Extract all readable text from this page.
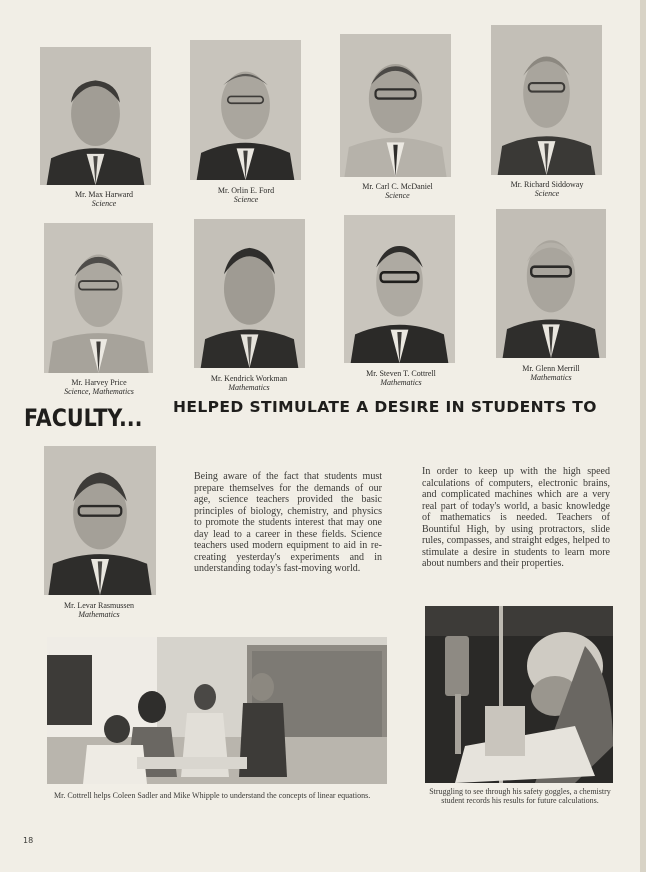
Mr. Max Harward
Science
Mr. Orlin E. Ford
Science
Mr. Carl C. McDaniel
Science
Mr. Richard Siddoway
Science
Mr. Harvey Price
Science, Mathematics
Mr. Kendrick Workman
Mathematics
Mr. Steven T. Cottrell
Mathematics
Mr. Glenn Merrill
Mathematics
FACULTY... HELPED STIMULATE A DESIRE IN STUDENTS TO
Mr. Levar Rasmussen
Mathematics
Being aware of the fact that students must prepare themselves for the demands of our age, science teachers provided the basic principles of biology, chemistry, and physics to promote the students interest that may one day lead to a career in these fields. Science teachers used modern equipment to aid in re-creating yesterday's experiments and in understanding today's fast-moving world.
In order to keep up with the high speed calculations of computers, electronic brains, and complicated machines which are a very real part of today's world, a basic knowledge of mathematics is needed. Teachers of Bountiful High, by using protractors, slide rules, compasses, and straight edges, helped to stimulate a desire in students to learn more about numbers and their properties.
Mr. Cottrell helps Coleen Sadler and Mike Whipple to understand the concepts of linear equations.	Struggling to see through his safety goggles, a chemistry student records his results for future calculations.
18
